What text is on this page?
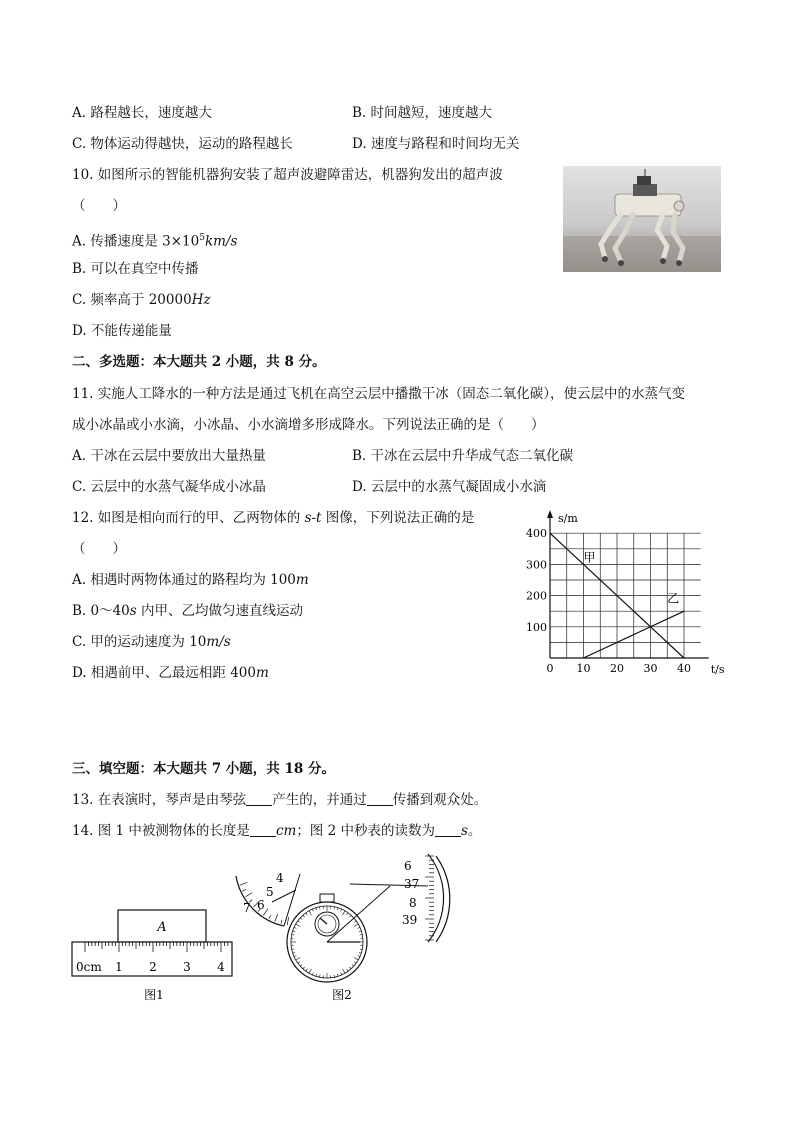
A. 路程越长，速度越大	B. 时间越短，速度越大
C. 物体运动得越快，运动的路程越长	D. 速度与路程和时间均无关
10. 如图所示的智能机器狗安装了超声波避障雷达，机器狗发出的超声波
（　　）
A. 传播速度是 $3\times 10^5km/s$
B. 可以在真空中传播
C. 频率高于 20000Hz
D. 不能传递能量
二、多选题：本大题共 2 小题，共 8 分。
11. 实施人工降水的一种方法是通过飞机在高空云层中播撒干冰（固态二氧化碳），使云层中的水蒸气变
成小冰晶或小水滴，小冰晶、小水滴增多形成降水。下列说法正确的是（　　）
A. 干冰在云层中要放出大量热量	B. 干冰在云层中升华成气态二氧化碳
C. 云层中的水蒸气凝华成小冰晶	D. 云层中的水蒸气凝固成小水滴
12. 如图是相向而行的甲、乙两物体的 s-t 图像，下列说法正确的是
（　　）
A. 相遇时两物体通过的路程均为 100m
B. 0～40s 内甲、乙均做匀速直线运动
C. 甲的运动速度为 10m/s
D. 相遇前甲、乙最远相距 400m	0 10 20 30 40
100
200
300
400
甲
乙
s/m
t/s
三、填空题：本大题共 7 小题，共 18 分。
13. 在表演时，琴声是由琴弦 产生的，并通过 传播到观众处。
14. 图 1 中被测物体的长度是 cm；图 2 中秒表的读数为 s。
A
0cm 1 2 3 4
图1
4
5
6
7
6
37
8
39
图2
